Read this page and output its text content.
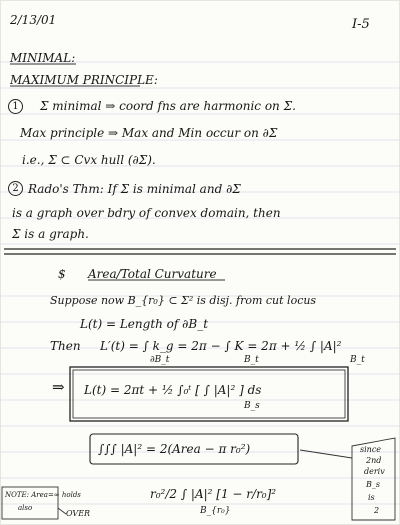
2/13/01	I-5
MINIMAL:
MAXIMUM PRINCIPLE:
1	Σ minimal ⇒ coord fns are harmonic on Σ.
Max principle ⇒ Max and Min occur on ∂Σ
i.e., Σ ⊂ Cvx hull (∂Σ).
2 Rado's Thm: If Σ is minimal and ∂Σ
is a graph over bdry of convex domain, then
Σ is a graph.
$ Area/Total Curvature
Suppose now B_{r₀} ⊂ Σ² is disj. from cut locus
L(t) = Length of ∂B_t
Then L′(t) = ∫ k_g = 2π − ∫ K = 2π + ½ ∫ |A|²
∂B_t	B_t	B_t
⇒ L(t) = 2πt + ½ ∫₀ᵗ [ ∫ |A|² ] ds
B_s
∫∫∫ |A|² = 2(Area − π r₀²)
r₀²/2 ∫ |A|² [1 − r/r₀]²
B_{r₀}
NOTE: Area=∞ holds
also
OVER
since
2nd
deriv
B_s
is
2
